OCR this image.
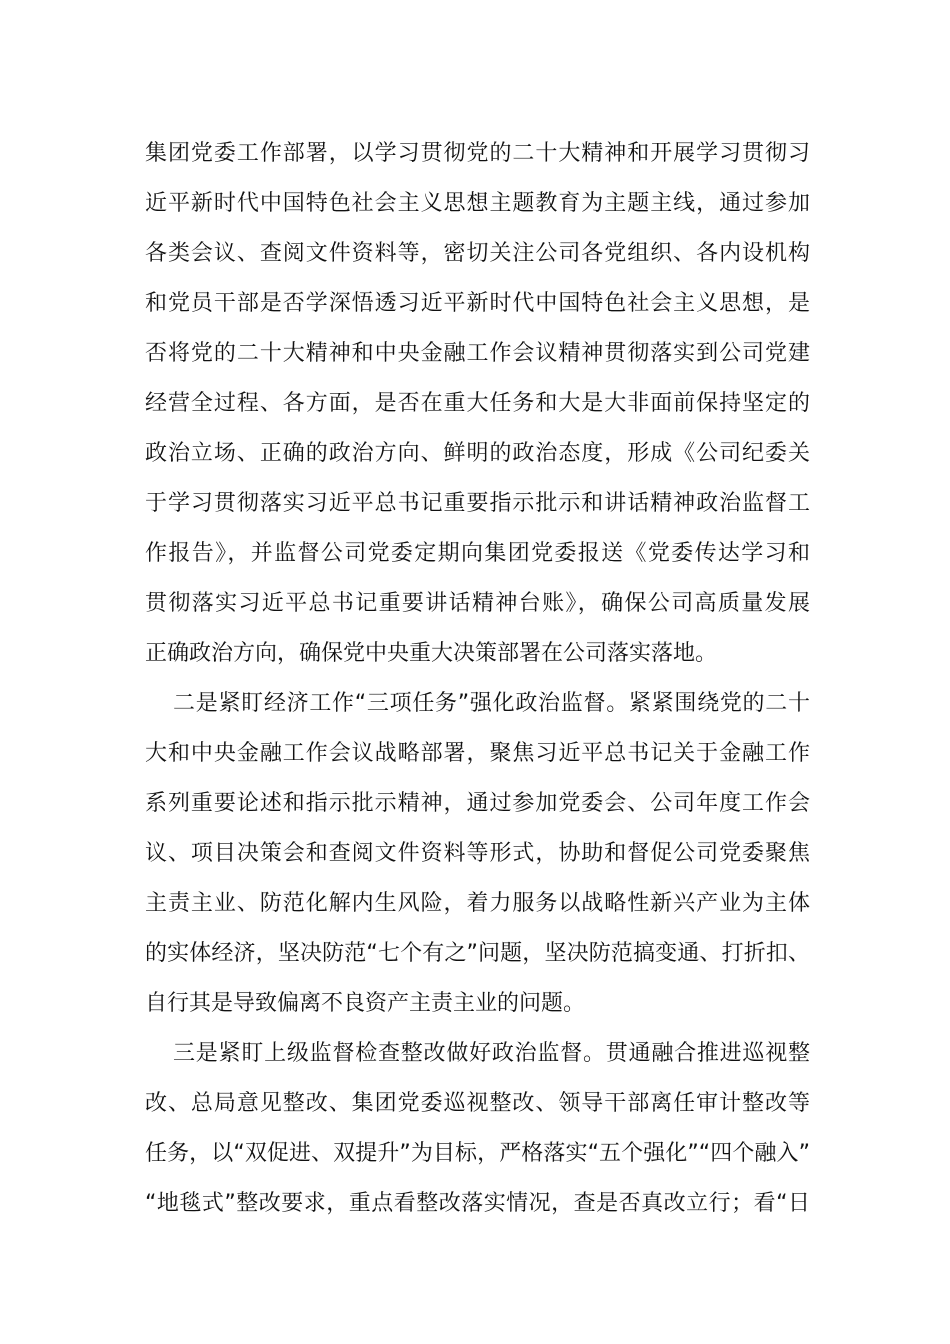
集团党委工作部署，以学习贯彻党的二十大精神和开展学习贯彻习
近平新时代中国特色社会主义思想主题教育为主题主线，通过参加
各类会议、查阅文件资料等，密切关注公司各党组织、各内设机构
和党员干部是否学深悟透习近平新时代中国特色社会主义思想，是
否将党的二十大精神和中央金融工作会议精神贯彻落实到公司党建
经营全过程、各方面，是否在重大任务和大是大非面前保持坚定的
政治立场、正确的政治方向、鲜明的政治态度，形成《公司纪委关
于学习贯彻落实习近平总书记重要指示批示和讲话精神政治监督工
作报告》，并监督公司党委定期向集团党委报送《党委传达学习和
贯彻落实习近平总书记重要讲话精神台账》，确保公司高质量发展
正确政治方向，确保党中央重大决策部署在公司落实落地。
二是紧盯经济工作“三项任务”强化政治监督。紧紧围绕党的二十
大和中央金融工作会议战略部署，聚焦习近平总书记关于金融工作
系列重要论述和指示批示精神，通过参加党委会、公司年度工作会
议、项目决策会和查阅文件资料等形式，协助和督促公司党委聚焦
主责主业、防范化解内生风险，着力服务以战略性新兴产业为主体
的实体经济，坚决防范“七个有之”问题，坚决防范搞变通、打折扣、
自行其是导致偏离不良资产主责主业的问题。
三是紧盯上级监督检查整改做好政治监督。贯通融合推进巡视整
改、总局意见整改、集团党委巡视整改、领导干部离任审计整改等
任务，以“双促进、双提升”为目标，严格落实“五个强化”“四个融入”
“地毯式”整改要求，重点看整改落实情况，查是否真改立行；看“日
